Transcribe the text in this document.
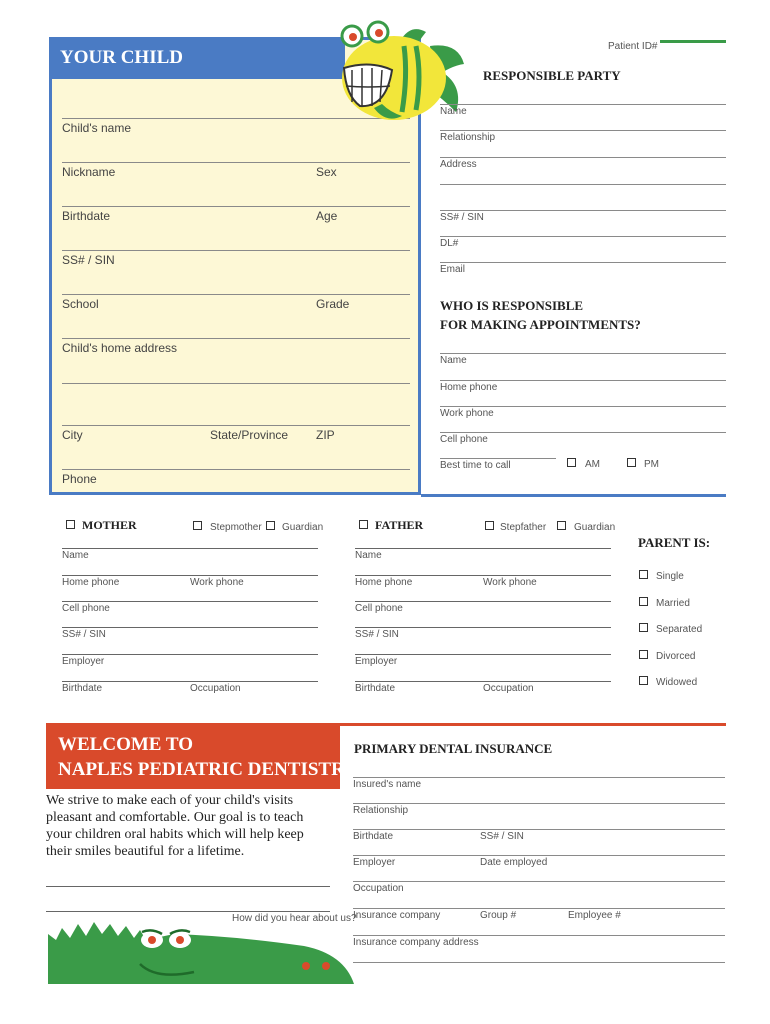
Patient ID#
YOUR CHILD
Child's name
Nickname	Sex
Birthdate	Age
SS# / SIN
School	Grade
Child's home address
City	State/Province ZIP
Phone
RESPONSIBLE PARTY
Name
Relationship
Address
SS# / SIN
DL#
Email
WHO IS RESPONSIBLE
FOR MAKING APPOINTMENTS?
Name
Home phone
Work phone
Cell phone
Best time to call	AM	PM
MOTHER	Stepmother Guardian
Name
Home phone	Work phone
Cell phone
SS# / SIN
Employer
Birthdate	Occupation
FATHER	Stepfather	Guardian
Name
Home phone	Work phone
Cell phone
SS# / SIN
Employer
Birthdate	Occupation
PARENT IS:
Single
Married
Separated
Divorced
Widowed
WELCOME TO
NAPLES PEDIATRIC DENTISTRY!
We strive to make each of your child's visits
pleasant and comfortable. Our goal is to teach
your children oral habits which will help keep
their smiles beautiful for a lifetime.
How did you hear about us?
PRIMARY DENTAL INSURANCE
Insured's name
Relationship
Birthdate	SS# / SIN
Employer	Date employed
Occupation
Insurance company	Group #	Employee #
Insurance company address
